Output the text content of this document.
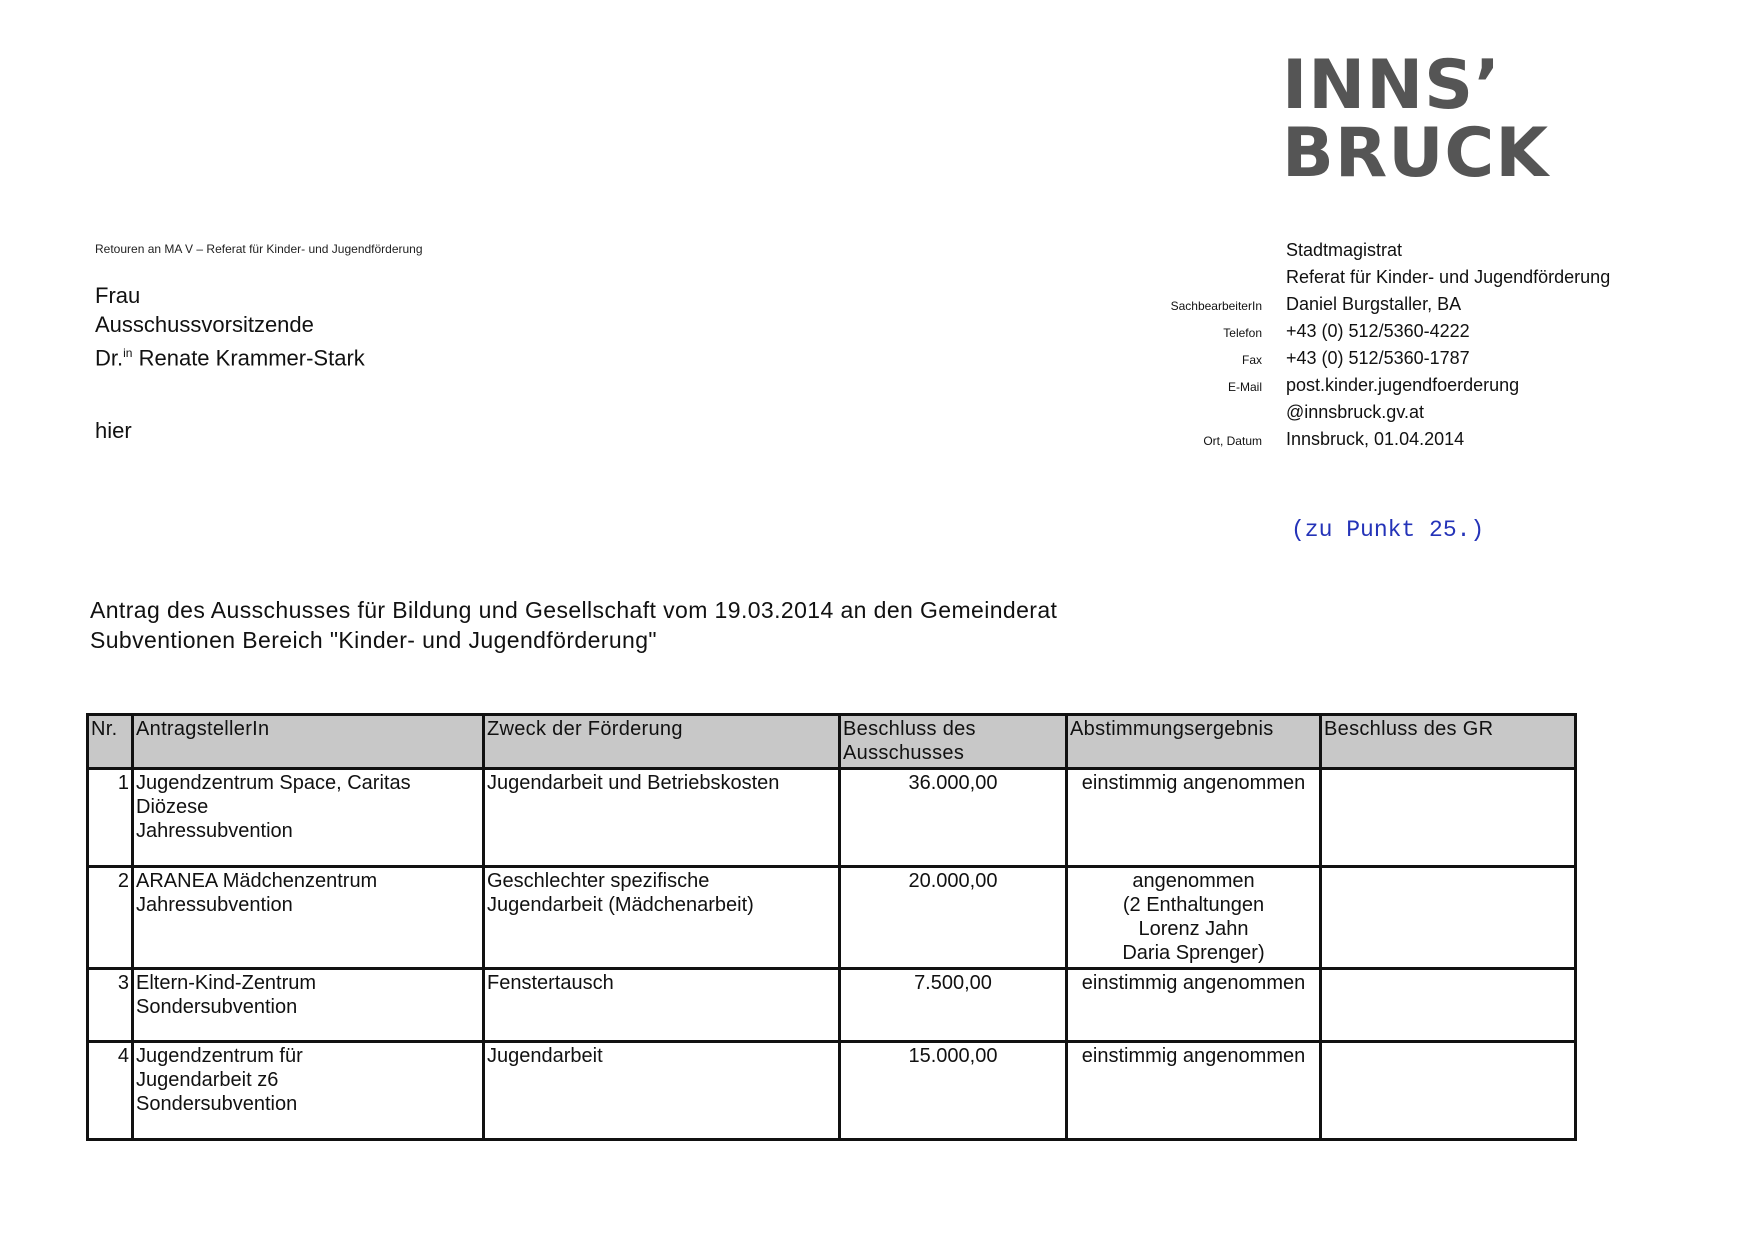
INNS’
BRUCK
Retouren an MA V – Referat für Kinder- und Jugendförderung
Frau
Ausschussvorsitzende
Dr.$^{in}$ Renate Krammer-Stark
hier
SachbearbeiterIn
Telefon
Fax
E-Mail
Ort, Datum
Stadtmagistrat
Referat für Kinder- und Jugendförderung
Daniel Burgstaller, BA
+43 (0) 512/5360-4222
+43 (0) 512/5360-1787
post.kinder.jugendfoerderung
@innsbruck.gv.at
Innsbruck, 01.04.2014
(zu Punkt 25.)
Antrag des Ausschusses für Bildung und Gesellschaft vom 19.03.2014 an den Gemeinderat
Subventionen Bereich "Kinder- und Jugendförderung"
Nr.	AntragstellerIn	Zweck der Förderung	Beschluss des
Ausschusses	Abstimmungsergebnis	Beschluss des GR
1	Jugendzentrum Space, Caritas
Diözese
Jahressubvention	Jugendarbeit und Betriebskosten	36.000,00	einstimmig angenommen	

2	ARANEA Mädchenzentrum
Jahressubvention	Geschlechter spezifische
Jugendarbeit (Mädchenarbeit)	20.000,00	angenommen
(2 Enthaltungen
Lorenz Jahn
Daria Sprenger)	

3	Eltern-Kind-Zentrum
Sondersubvention	Fenstertausch	7.500,00	einstimmig angenommen	

4	Jugendzentrum für
Jugendarbeit z6
Sondersubvention	Jugendarbeit	15.000,00	einstimmig angenommen	
